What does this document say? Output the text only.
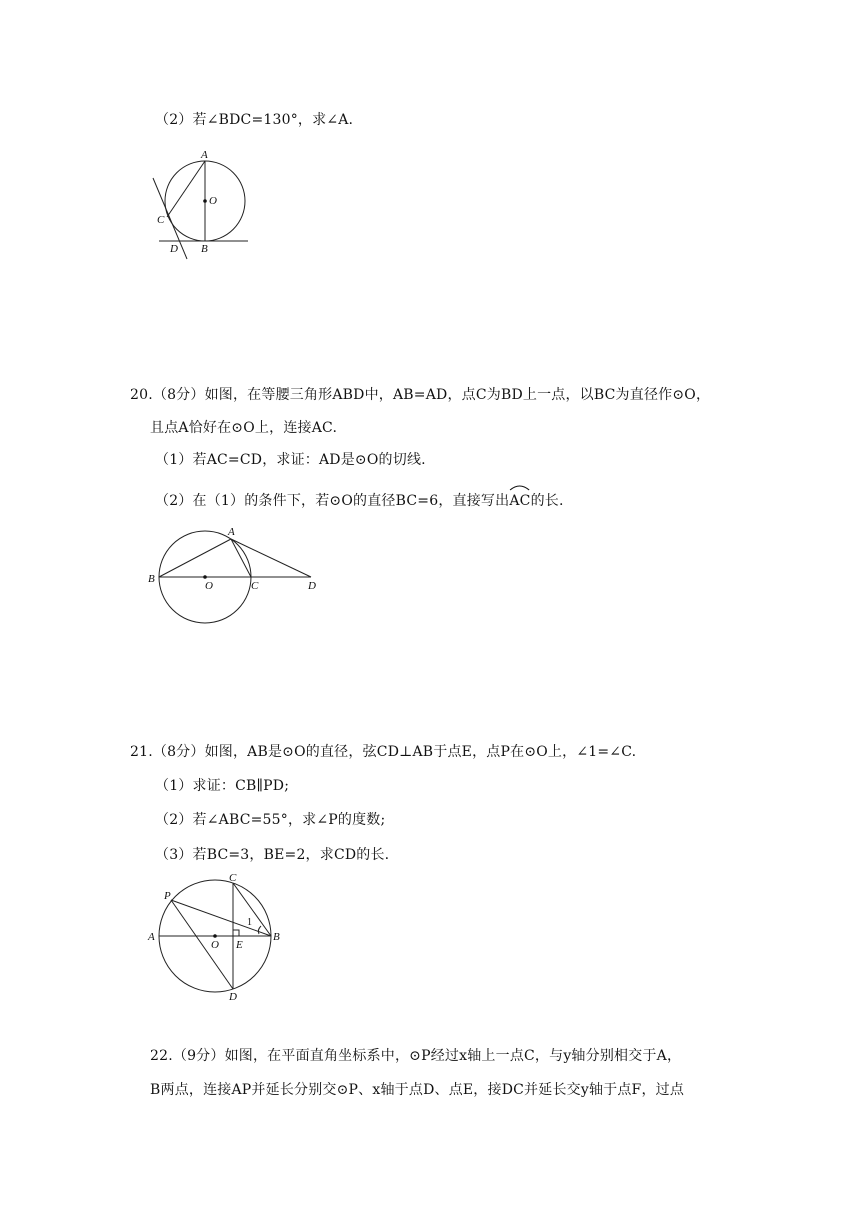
（2）若∠BDC=130°，求∠A.
A
O
C
D B
20.（8分）如图，在等腰三角形ABD中，AB=AD，点C为BD上一点，以BC为直径作⊙O，
且点A恰好在⊙O上，连接AC.
（1）若AC=CD，求证：AD是⊙O的切线.
（2）在（1）的条件下，若⊙O的直径BC=6，直接写出
AC的长.
A
B
O	C	D
21.（8分）如图，AB是⊙O的直径，弦CD⊥AB于点E，点P在⊙O上，∠1=∠C.
（1）求证：CB∥PD;
（2）若∠ABC=55°，求∠P的度数;
（3）若BC=3，BE=2，求CD的长.
P
C
A
O E
B
D
1
22.（9分）如图，在平面直角坐标系中，⊙P经过x轴上一点C，与y轴分别相交于A，
B两点，连接AP并延长分别交⊙P、x轴于点D、点E，接DC并延长交y轴于点F，过点
